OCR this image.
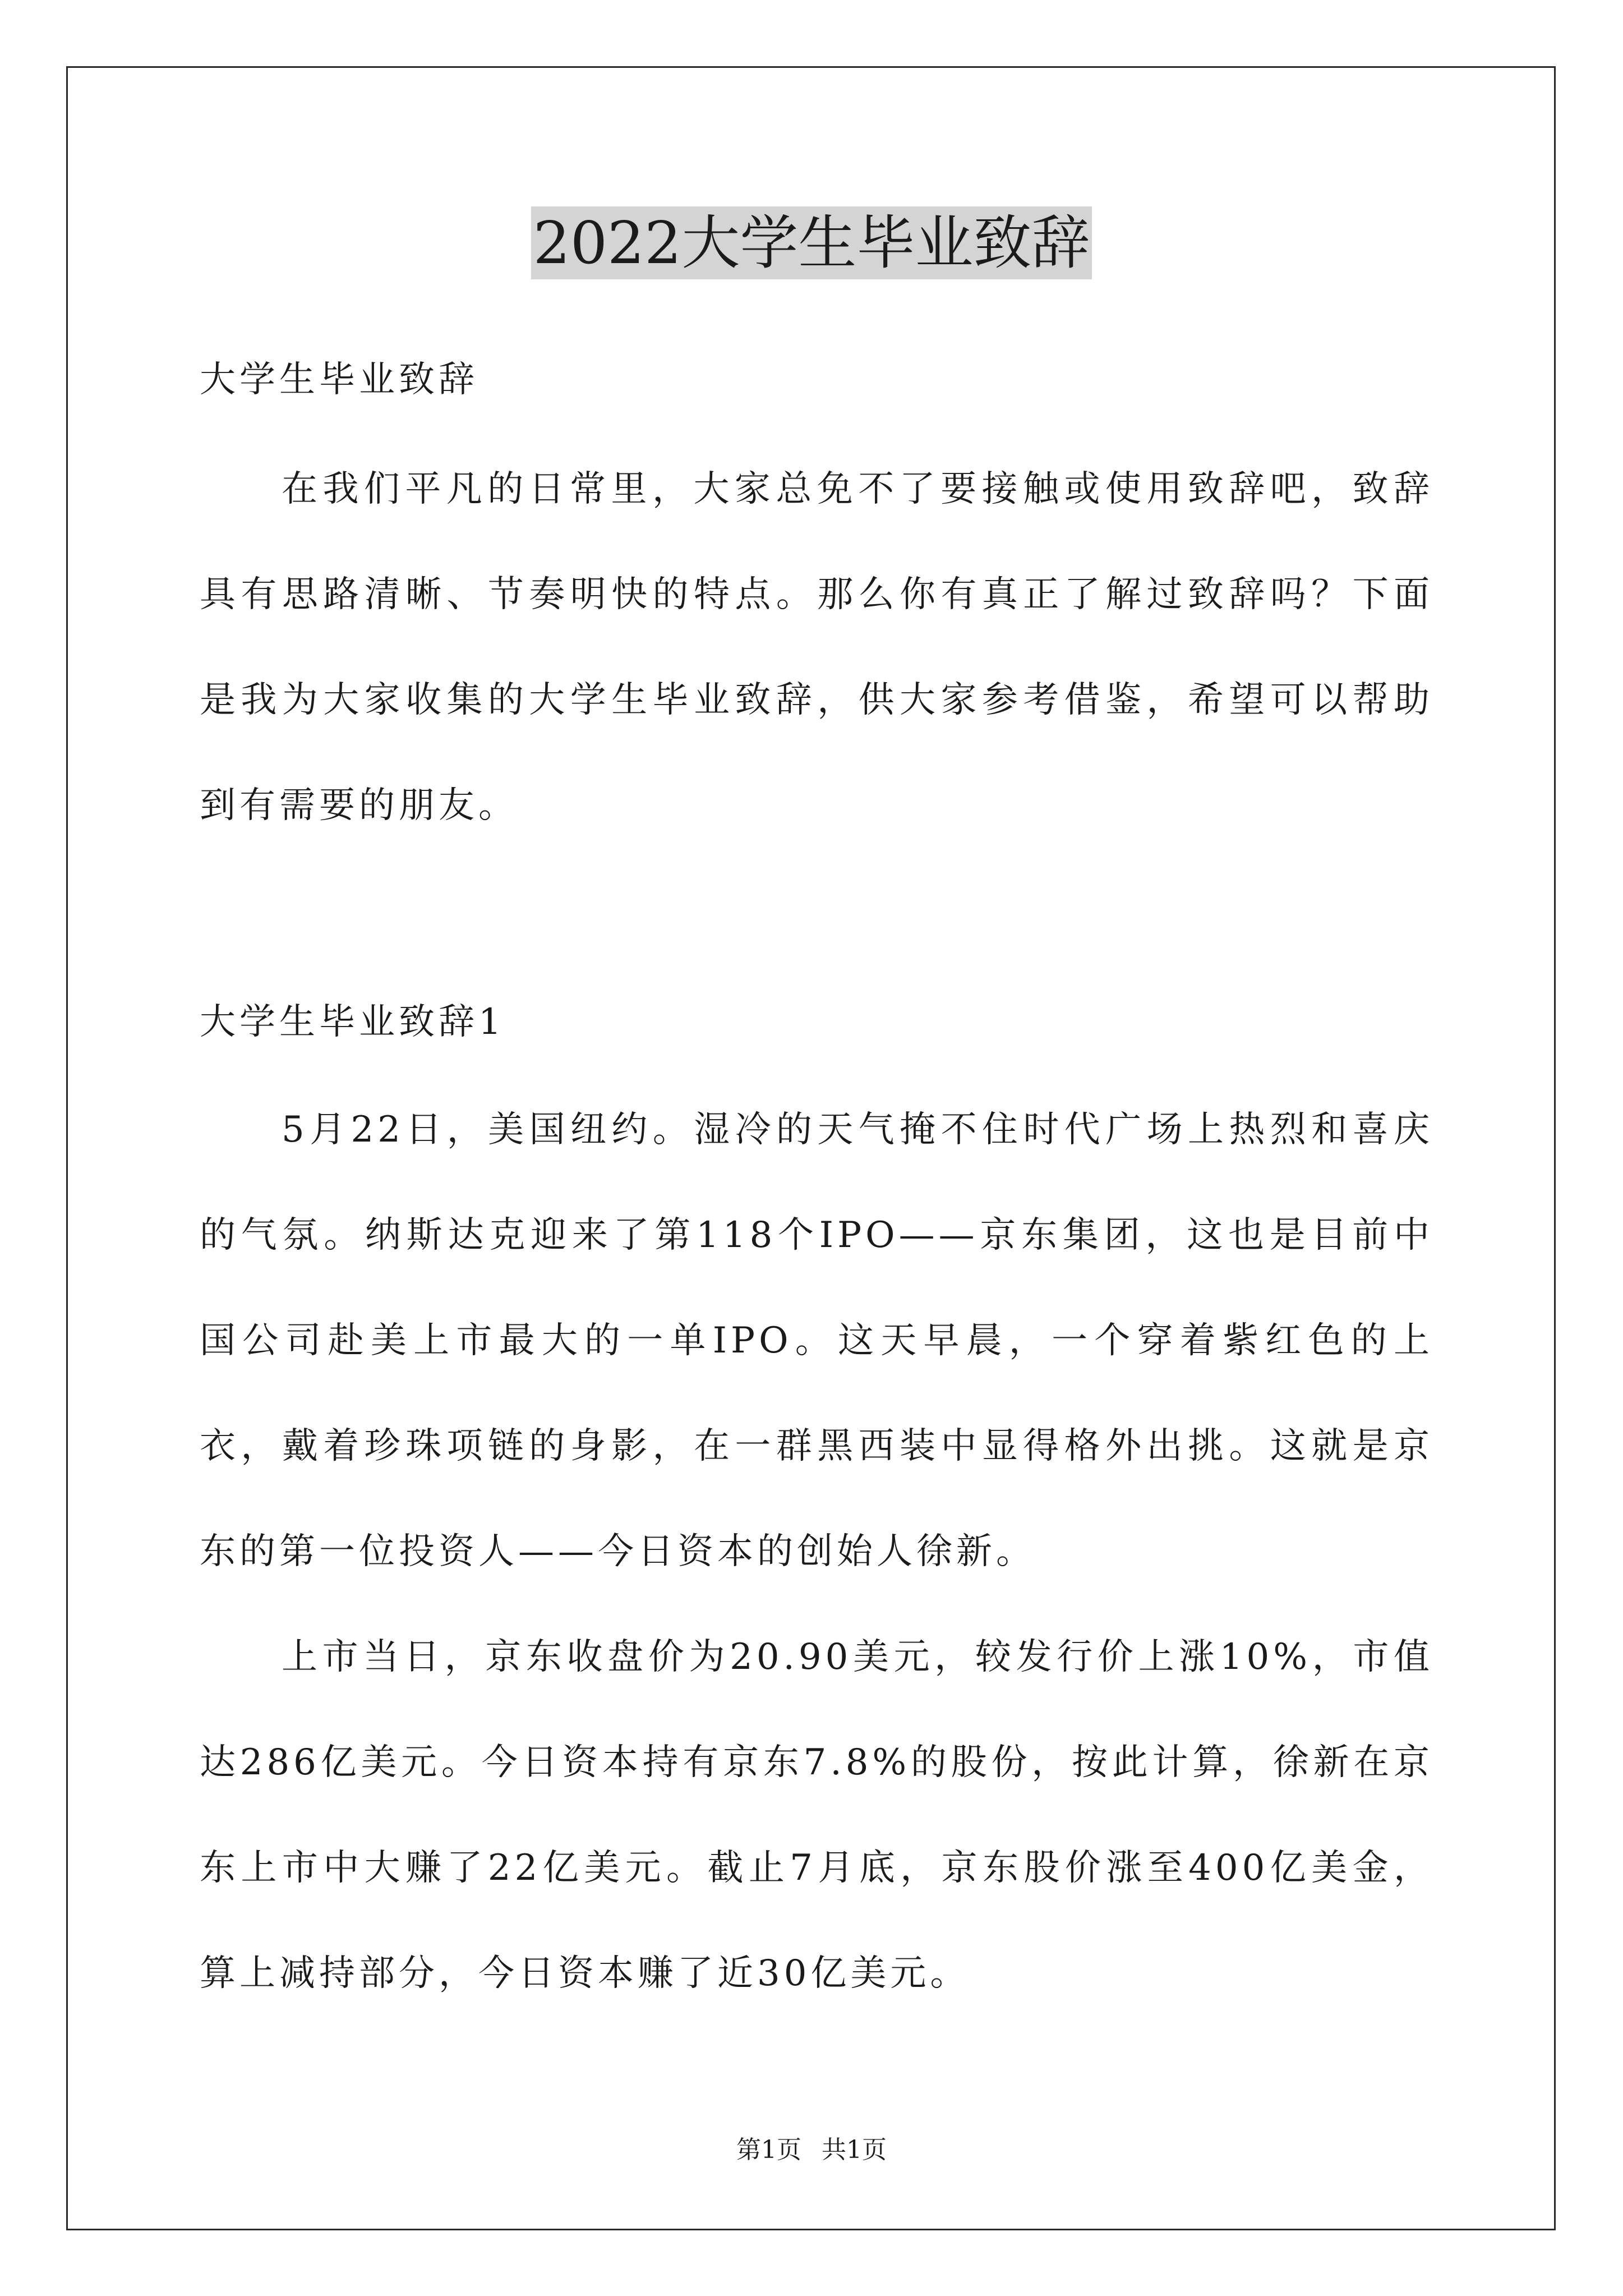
2022大学生毕业致辞
大学生毕业致辞

在我们平凡的日常里，大家总免不了要接触或使用致辞吧，致辞具有思路清晰、节奏明快的特点。那么你有真正了解过致辞吗？下面是我为大家收集的大学生毕业致辞，供大家参考借鉴，希望可以帮助到有需要的朋友。

大学生毕业致辞1

5月22日，美国纽约。湿冷的天气掩不住时代广场上热烈和喜庆的气氛。纳斯达克迎来了第118个IPO——京东集团，这也是目前中国公司赴美上市最大的一单IPO。这天早晨，一个穿着紫红色的上衣，戴着珍珠项链的身影，在一群黑西装中显得格外出挑。这就是京东的第一位投资人——今日资本的创始人徐新。

上市当日，京东收盘价为20.90美元，较发行价上涨10%，市值达286亿美元。今日资本持有京东7.8%的股份，按此计算，徐新在京东上市中大赚了22亿美元。截止7月底，京东股价涨至400亿美金，算上减持部分，今日资本赚了近30亿美元。

第1页 共1页
